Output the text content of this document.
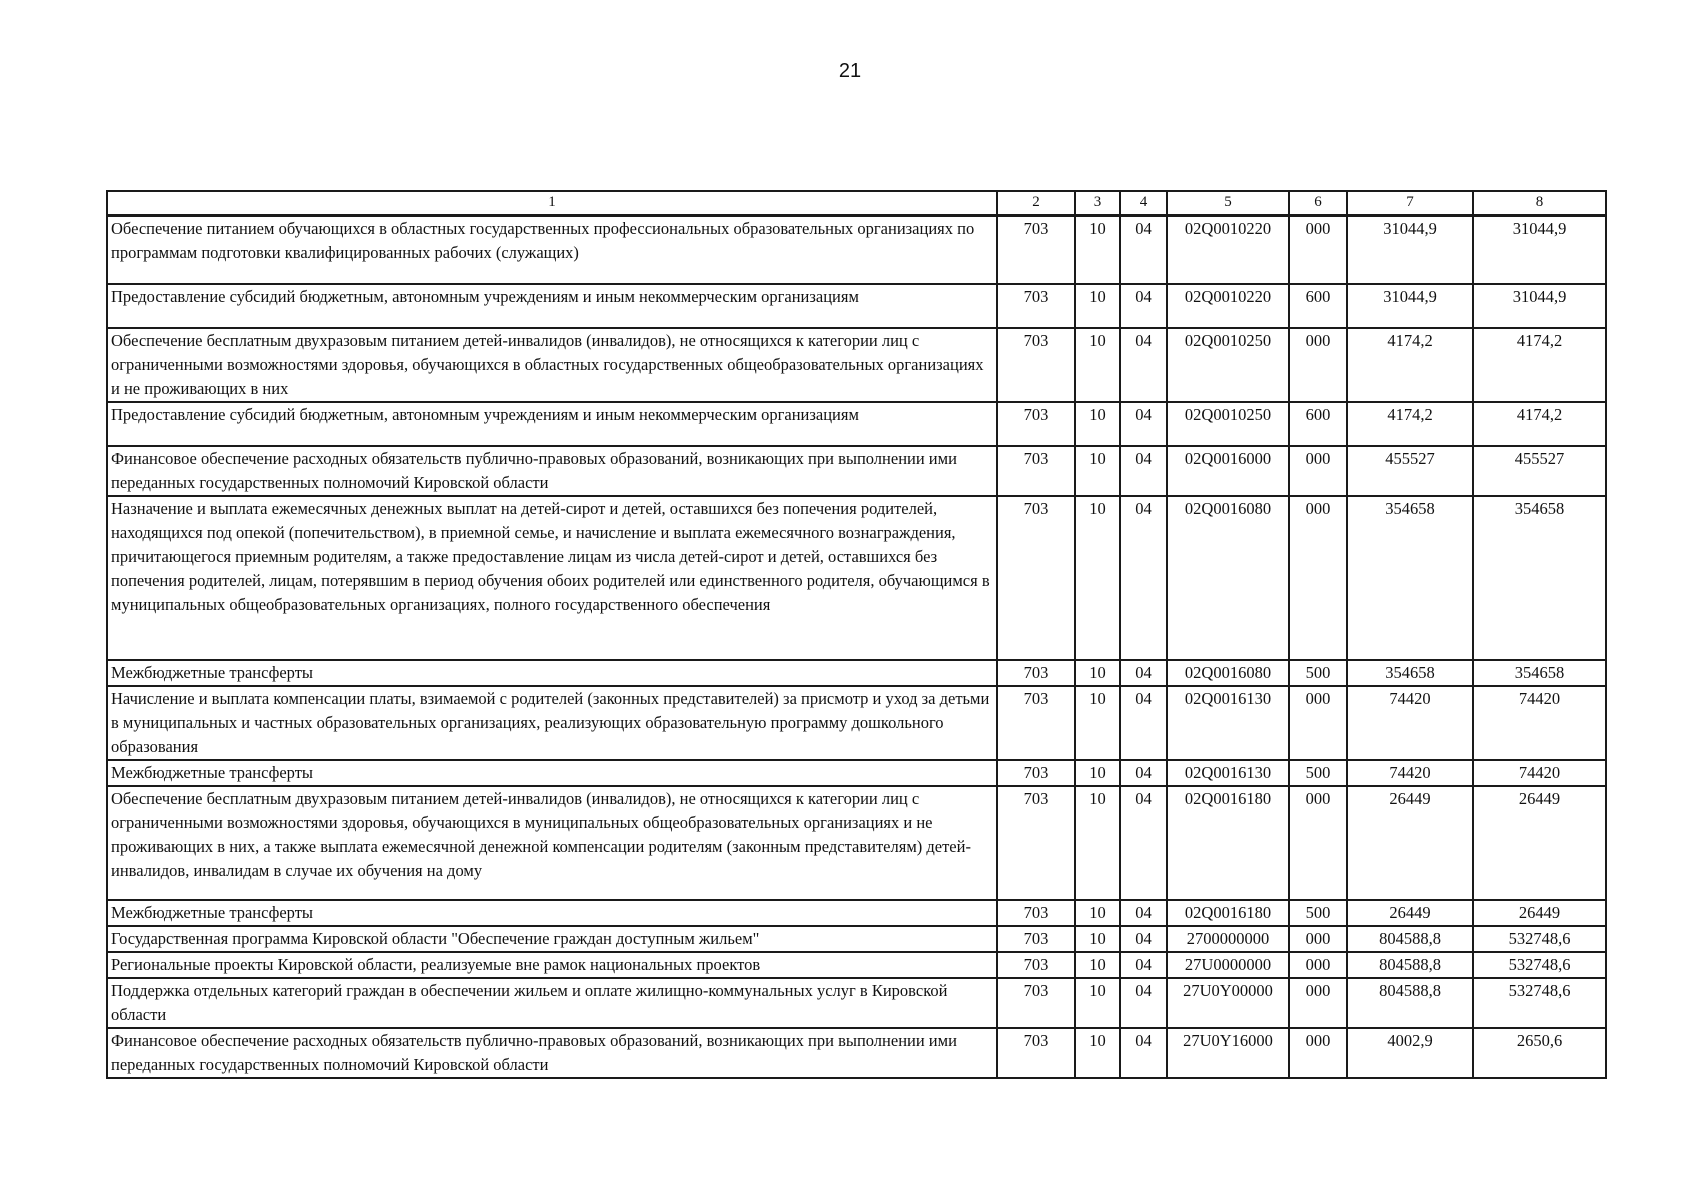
21
1	2	3	4	5	6	7	8
Обеспечение питанием обучающихся в областных государственных профессиональных образовательных организациях по программам подготовки квалифицированных рабочих (служащих)	703	10	04	02Q0010220	000	31044,9	31044,9
Предоставление субсидий бюджетным, автономным учреждениям и иным некоммерческим организациям	703	10	04	02Q0010220	600	31044,9	31044,9
Обеспечение бесплатным двухразовым питанием детей-инвалидов (инвалидов), не относящихся к категории лиц с ограниченными возможностями здоровья, обучающихся в областных государственных общеобразовательных организациях и не проживающих в них	703	10	04	02Q0010250	000	4174,2	4174,2
Предоставление субсидий бюджетным, автономным учреждениям и иным некоммерческим организациям	703	10	04	02Q0010250	600	4174,2	4174,2
Финансовое обеспечение расходных обязательств публично-правовых образований, возникающих при выполнении ими переданных государственных полномочий Кировской области	703	10	04	02Q0016000	000	455527	455527
Назначение и выплата ежемесячных денежных выплат на детей-сирот и детей, оставшихся без попечения родителей, находящихся под опекой (попечительством), в приемной семье, и начисление и выплата ежемесячного вознаграждения, причитающегося приемным родителям, а также предоставление лицам из числа детей-сирот и детей, оставшихся без попечения родителей, лицам, потерявшим в период обучения обоих родителей или единственного родителя, обучающимся в муниципальных общеобразовательных организациях, полного государственного обеспечения	703	10	04	02Q0016080	000	354658	354658
Межбюджетные трансферты	703	10	04	02Q0016080	500	354658	354658
Начисление и выплата компенсации платы, взимаемой с родителей (законных представителей) за присмотр и уход за детьми в муниципальных и частных образовательных организациях, реализующих образовательную программу дошкольного образования	703	10	04	02Q0016130	000	74420	74420
Межбюджетные трансферты	703	10	04	02Q0016130	500	74420	74420
Обеспечение бесплатным двухразовым питанием детей-инвалидов (инвалидов), не относящихся к категории лиц с ограниченными возможностями здоровья, обучающихся в муниципальных общеобразовательных организациях и не проживающих в них, а также выплата ежемесячной денежной компенсации родителям (законным представителям) детей-инвалидов, инвалидам в случае их обучения на дому	703	10	04	02Q0016180	000	26449	26449
Межбюджетные трансферты	703	10	04	02Q0016180	500	26449	26449
Государственная программа Кировской области "Обеспечение граждан доступным жильем"	703	10	04	2700000000	000	804588,8	532748,6
Региональные проекты Кировской области, реализуемые вне рамок национальных проектов	703	10	04	27U0000000	000	804588,8	532748,6
Поддержка отдельных категорий граждан в обеспечении жильем и оплате жилищно-коммунальных услуг в Кировской области	703	10	04	27U0Y00000	000	804588,8	532748,6
Финансовое обеспечение расходных обязательств публично-правовых образований, возникающих при выполнении ими переданных государственных полномочий Кировской области	703	10	04	27U0Y16000	000	4002,9	2650,6
